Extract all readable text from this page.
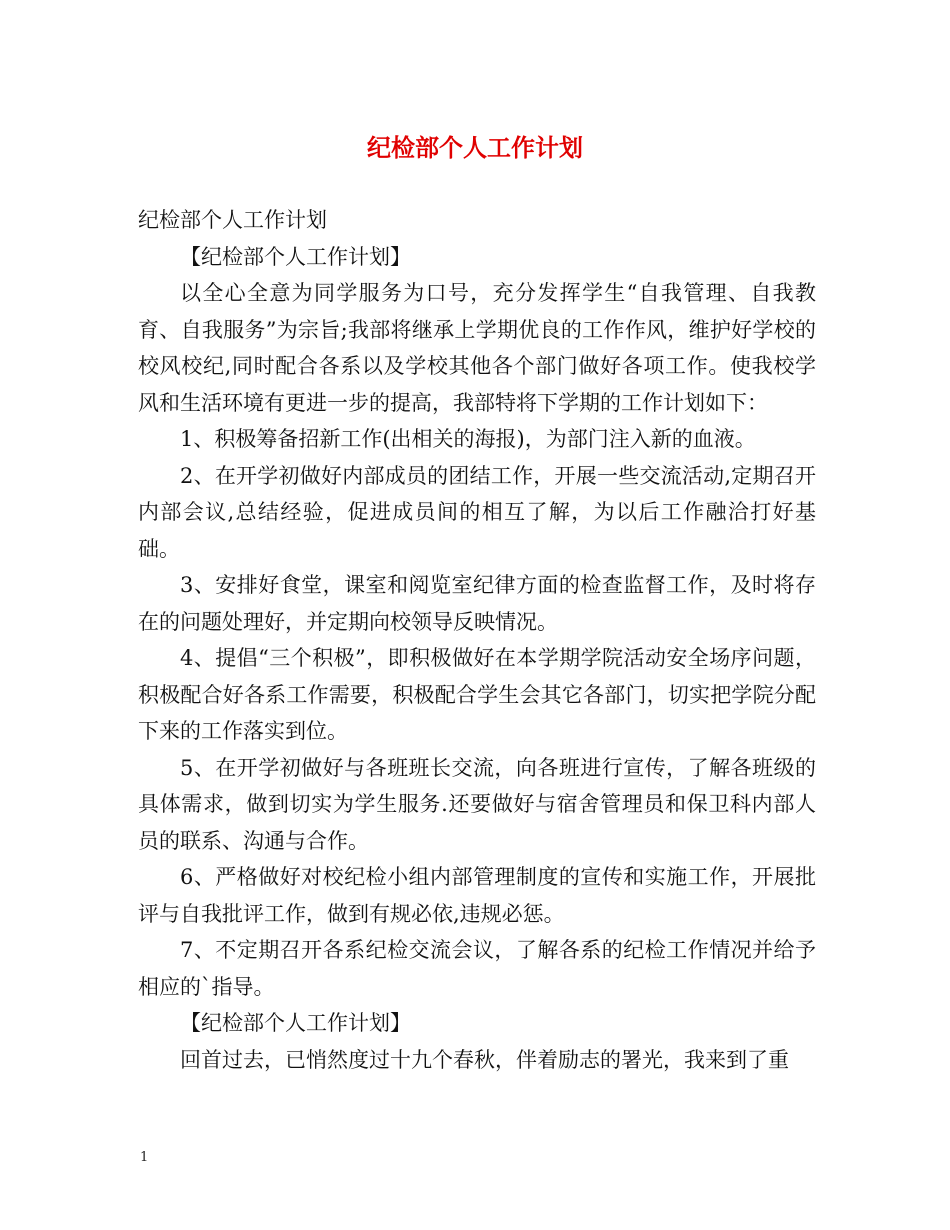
纪检部个人工作计划

纪检部个人工作计划

【纪检部个人工作计划】

以全心全意为同学服务为口号，充分发挥学生“自我管理、自我教育、自我服务”为宗旨;我部将继承上学期优良的工作作风，维护好学校的校风校纪,同时配合各系以及学校其他各个部门做好各项工作。使我校学风和生活环境有更进一步的提高，我部特将下学期的工作计划如下：

1、积极筹备招新工作(出相关的海报)，为部门注入新的血液。

2、在开学初做好内部成员的团结工作，开展一些交流活动,定期召开内部会议,总结经验，促进成员间的相互了解，为以后工作融洽打好基础。

3、安排好食堂，课室和阅览室纪律方面的检查监督工作，及时将存在的问题处理好，并定期向校领导反映情况。

4、提倡“三个积极”，即积极做好在本学期学院活动安全场序问题，积极配合好各系工作需要，积极配合学生会其它各部门，切实把学院分配下来的工作落实到位。

5、在开学初做好与各班班长交流，向各班进行宣传，了解各班级的具体需求，做到切实为学生服务.还要做好与宿舍管理员和保卫科内部人员的联系、沟通与合作。

6、严格做好对校纪检小组内部管理制度的宣传和实施工作，开展批评与自我批评工作，做到有规必依,违规必惩。

7、不定期召开各系纪检交流会议，了解各系的纪检工作情况并给予相应的`指导。

【纪检部个人工作计划】

回首过去，已悄然度过十九个春秋，伴着励志的署光，我来到了重

1
